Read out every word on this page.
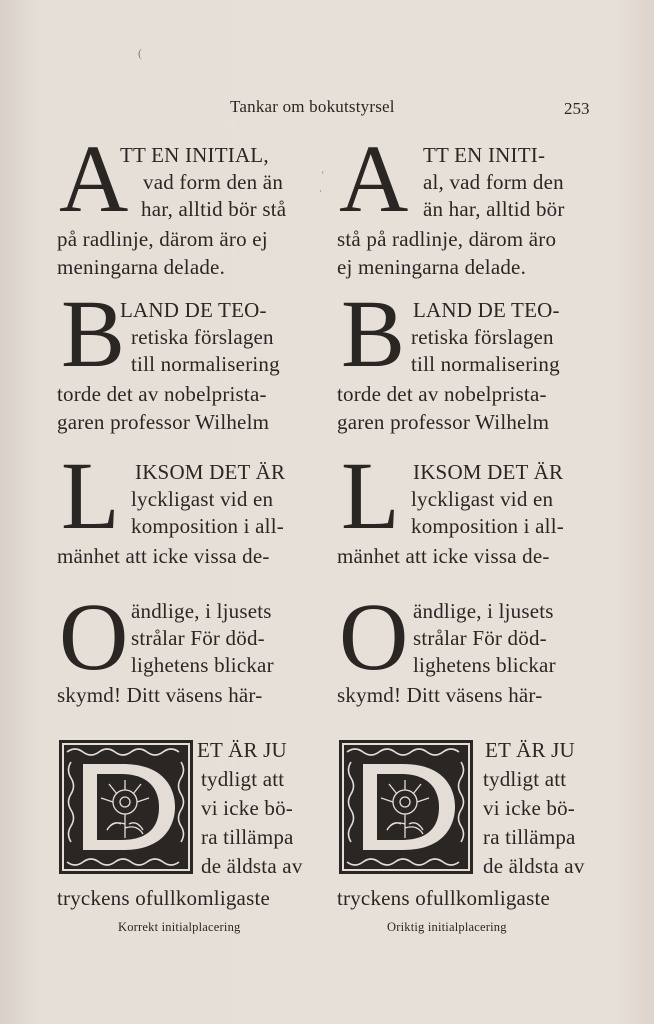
(
Tankar om bokutstyrsel	253
A
TT EN INITIAL,
vad form den än
har, alltid bör stå
på radlinje, därom äro ej
meningarna delade.
B
LAND DE TEO-
retiska förslagen
till normalisering
torde det av nobelprista-
garen professor Wilhelm
L IKSOM DET ÄR
lyckligast vid en
komposition i all-
mänhet att icke vissa de-
O ändlige, i ljusets
strålar För död-
lighetens blickar
skymd! Ditt väsens här-
ET ÄR JU
tydligt att
vi icke bö-
ra tillämpa
de äldsta av
tryckens ofullkomligaste
Korrekt initialplacering
A TT EN INITI-
al, vad form den
än har, alltid bör
stå på radlinje, därom äro
ej meningarna delade.
B LAND DE TEO-
retiska förslagen
till normalisering
torde det av nobelprista-
garen professor Wilhelm
L IKSOM DET ÄR
lyckligast vid en
komposition i all-
mänhet att icke vissa de-
O ändlige, i ljusets
strålar För död-
lighetens blickar
skymd! Ditt väsens här-
ET ÄR JU
tydligt att
vi icke bö-
ra tillämpa
de äldsta av
tryckens ofullkomligaste
Oriktig initialplacering
'
·
